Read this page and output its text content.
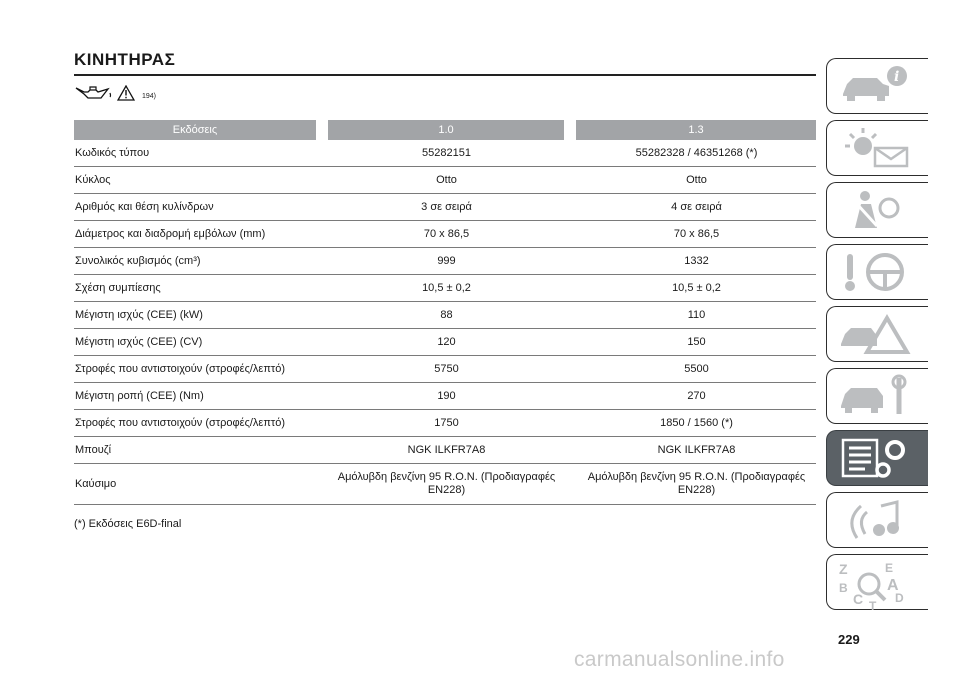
ΚΙΝΗΤΗΡΑΣ
194)
Εκδόσεις		1.0		1.3
Κωδικός τύπου		55282151		55282328 / 46351268 (*)
Κύκλος		Otto		Otto
Αριθμός και θέση κυλίνδρων		3 σε σειρά		4 σε σειρά
Διάμετρος και διαδρομή εμβόλων (mm)		70 x 86,5		70 x 86,5
Συνολικός κυβισμός (cm³)		999		1332
Σχέση συμπίεσης		10,5 ± 0,2		10,5 ± 0,2
Μέγιστη ισχύς (CEE) (kW)		88		110
Μέγιστη ισχύς (CEE) (CV)		120		150
Στροφές που αντιστοιχούν (στροφές/λεπτό)		5750		5500
Μέγιστη ροπή (CEE) (Nm)		190		270
Στροφές που αντιστοιχούν (στροφές/λεπτό)		1750		1850 / 1560 (*)
Μπουζί		NGK ILKFR7A8		NGK ILKFR7A8
Καύσιμο		Αμόλυβδη βενζίνη 95 R.O.N. (Προδιαγραφές EN228)		Αμόλυβδη βενζίνη 95 R.O.N. (Προδιαγραφές EN228)
(*) Εκδόσεις E6D-final
i
Z	E
B A
C	D
T
229
carmanualsonline.info
